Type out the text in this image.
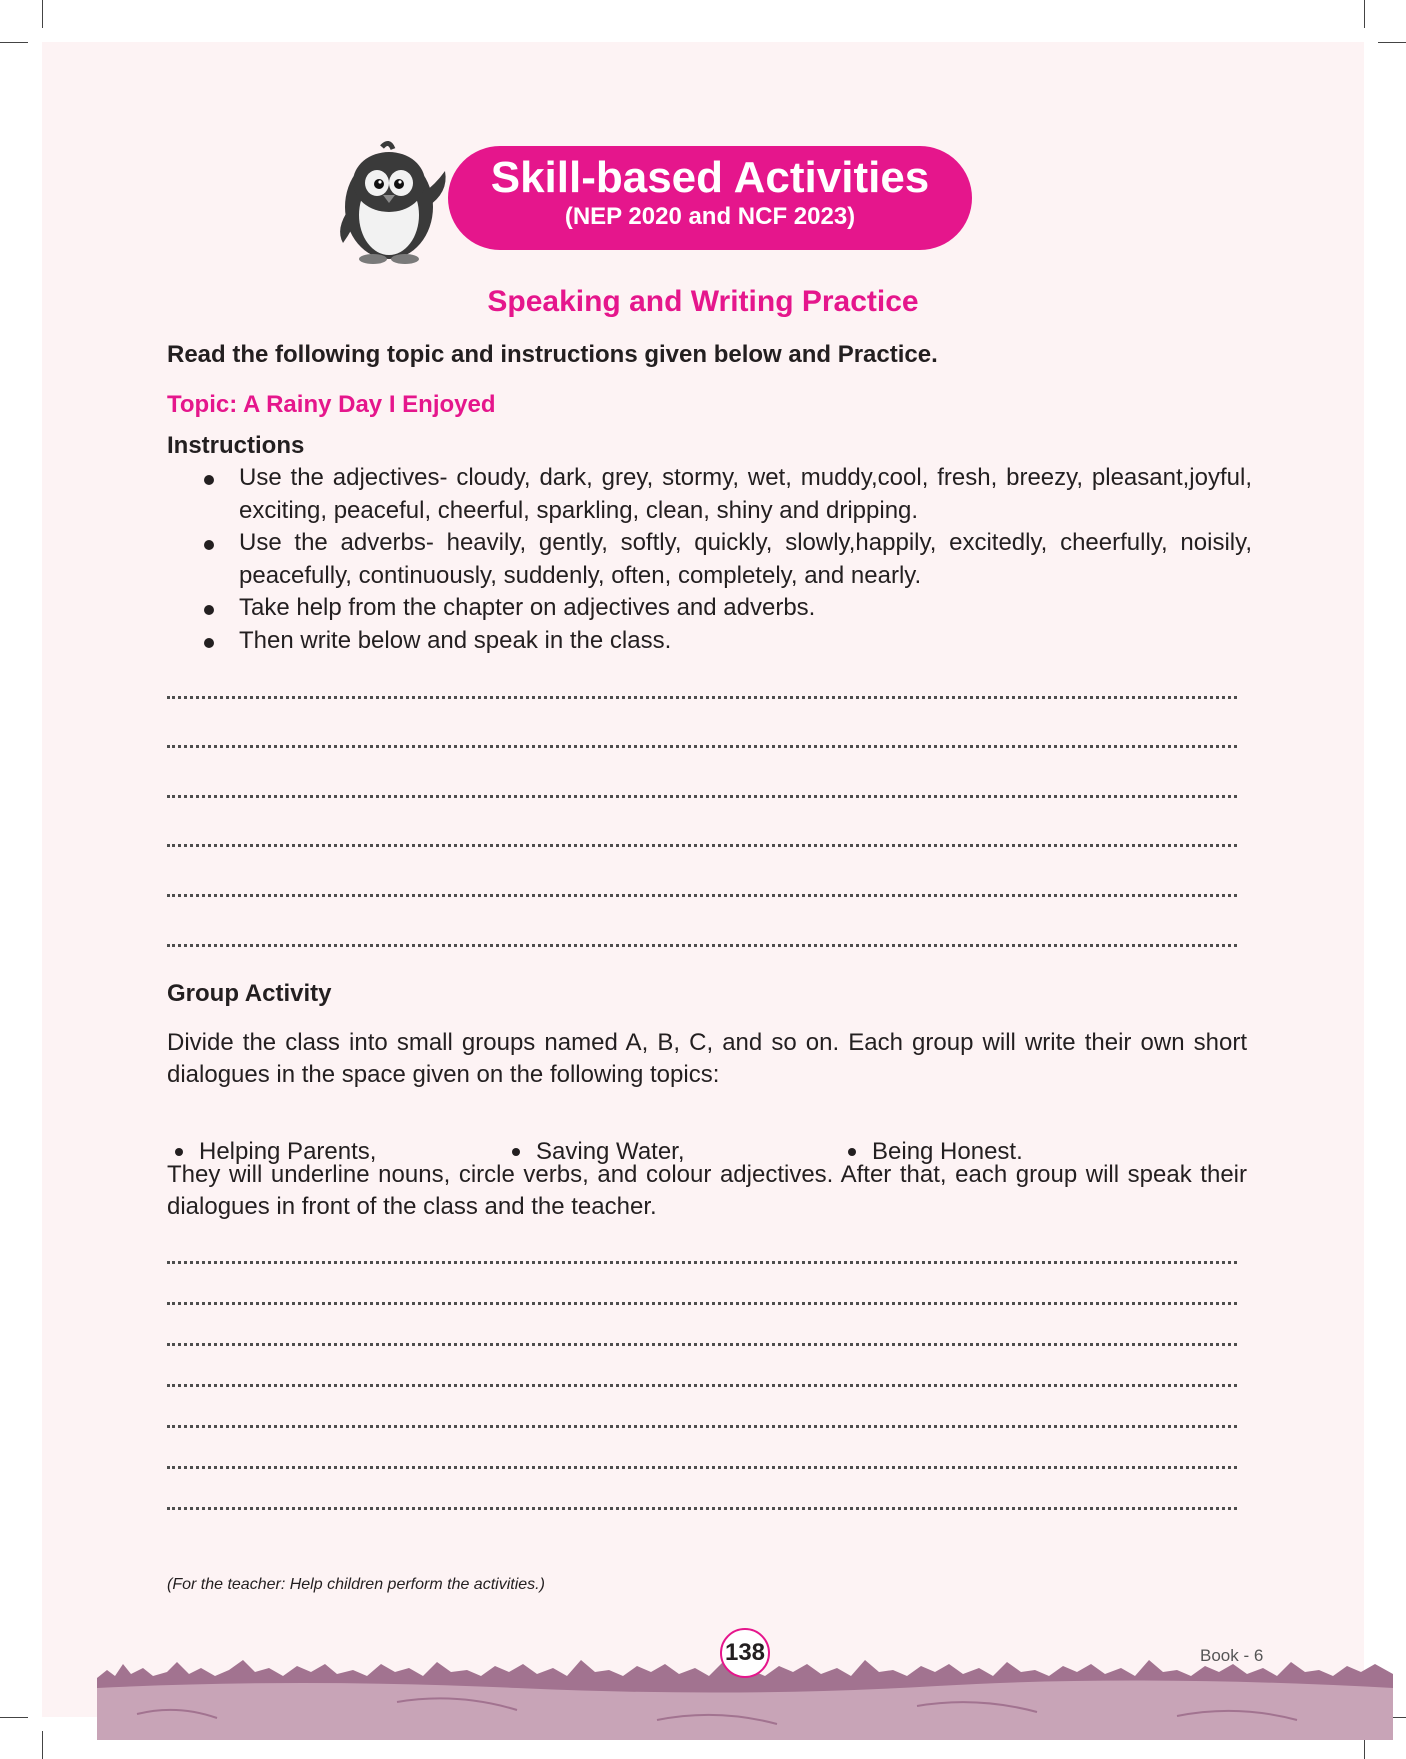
Skill-based Activities
(NEP 2020 and NCF 2023)
Speaking and Writing Practice
Read the following topic and instructions given below and Practice.
Topic: A Rainy Day I Enjoyed
Instructions
Use the adjectives- cloudy, dark, grey, stormy, wet, muddy,cool, fresh, breezy, pleasant,joyful, exciting, peaceful, cheerful, sparkling, clean, shiny and dripping.
Use the adverbs- heavily, gently, softly, quickly, slowly,happily, excitedly, cheerfully, noisily, peacefully, continuously, suddenly, often, completely, and nearly.
Take help from the chapter on adjectives and adverbs.
Then write below and speak in the class.
Group Activity
Divide the class into small groups named A, B, C, and so on. Each group will write their own short dialogues in the space given on the following topics:
Helping Parents,	Saving Water,	Being Honest.
They will underline nouns, circle verbs, and colour adjectives. After that, each group will speak their dialogues in front of the class and the teacher.
(For the teacher: Help children perform the activities.)
138	Book - 6
